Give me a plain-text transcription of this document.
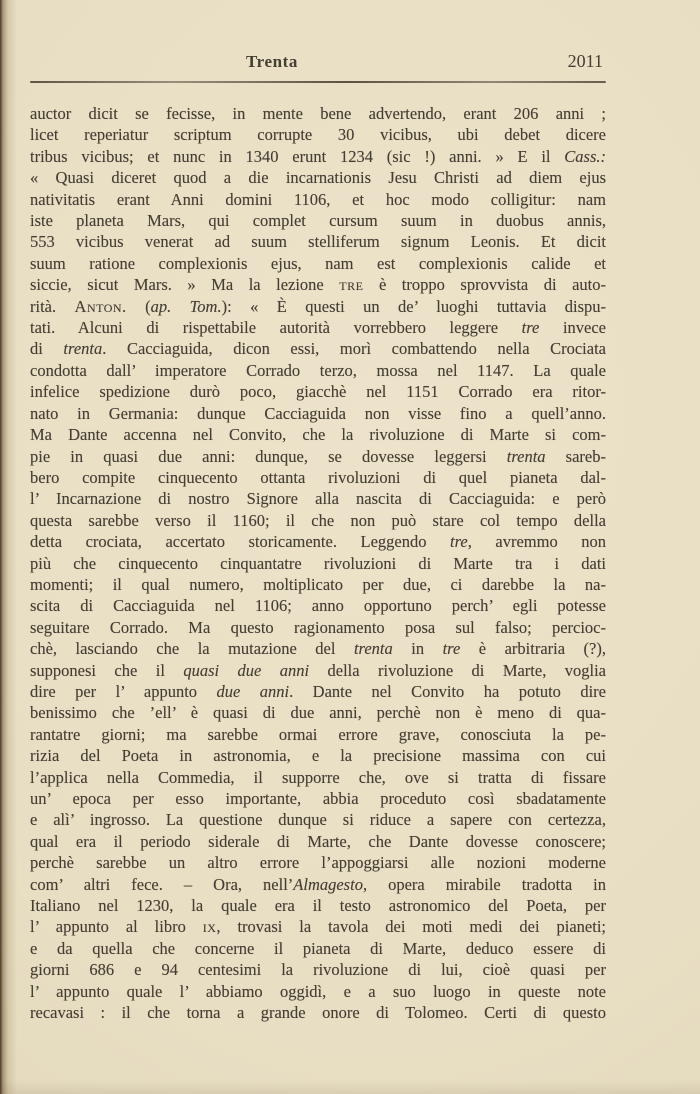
Trenta	2011
auctor dicit se fecisse, in mente bene advertendo, erant 206 anni ;
licet reperiatur scriptum corrupte 30 vicibus, ubi debet dicere
tribus vicibus; et nunc in 1340 erunt 1234 (sic !) anni. » E il Cass.:
« Quasi diceret quod a die incarnationis Jesu Christi ad diem ejus
nativitatis erant Anni domini 1106, et hoc modo colligitur: nam
iste planeta Mars, qui complet cursum suum in duobus annis,
553 vicibus venerat ad suum stelliferum signum Leonis. Et dicit
suum ratione complexionis ejus, nam est complexionis calide et
siccie, sicut Mars. » Ma la lezione tre è troppo sprovvista di auto-
rità. Anton. (ap. Tom.): « È questi un de’ luoghi tuttavia dispu-
tati. Alcuni di rispettabile autorità vorrebbero leggere tre invece
di trenta. Cacciaguida, dicon essi, morì combattendo nella Crociata
condotta dall’ imperatore Corrado terzo, mossa nel 1147. La quale
infelice spedizione durò poco, giacchè nel 1151 Corrado era ritor-
nato in Germania: dunque Cacciaguida non visse fino a quell’anno.
Ma Dante accenna nel Convito, che la rivoluzione di Marte si com-
pie in quasi due anni: dunque, se dovesse leggersi trenta sareb-
bero compite cinquecento ottanta rivoluzioni di quel pianeta dal-
l’ Incarnazione di nostro Signore alla nascita di Cacciaguida: e però
questa sarebbe verso il 1160; il che non può stare col tempo della
detta crociata, accertato storicamente. Leggendo tre, avremmo non
più che cinquecento cinquantatre rivoluzioni di Marte tra i dati
momenti; il qual numero, moltiplicato per due, ci darebbe la na-
scita di Cacciaguida nel 1106; anno opportuno perch’ egli potesse
seguitare Corrado. Ma questo ragionamento posa sul falso; percioc-
chè, lasciando che la mutazione del trenta in tre è arbitraria (?),
supponesi che il quasi due anni della rivoluzione di Marte, voglia
dire per l’ appunto due anni. Dante nel Convito ha potuto dire
benissimo che ’ell’ è quasi di due anni, perchè non è meno di qua-
rantatre giorni; ma sarebbe ormai errore grave, conosciuta la pe-
rizia del Poeta in astronomia, e la precisione massima con cui
l’applica nella Commedia, il supporre che, ove si tratta di fissare
un’ epoca per esso importante, abbia proceduto così sbadatamente
e alì’ ingrosso. La questione dunque si riduce a sapere con certezza,
qual era il periodo siderale di Marte, che Dante dovesse conoscere;
perchè sarebbe un altro errore l’appoggiarsi alle nozioni moderne
com’ altri fece. – Ora, nell’Almagesto, opera mirabile tradotta in
Italiano nel 1230, la quale era il testo astronomico del Poeta, per
l’ appunto al libro ix, trovasi la tavola dei moti medi dei pianeti;
e da quella che concerne il pianeta di Marte, deduco essere di
giorni 686 e 94 centesimi la rivoluzione di lui, cioè quasi per
l’ appunto quale l’ abbiamo oggidì, e a suo luogo in queste note
recavasi : il che torna a grande onore di Tolomeo. Certi di questo
